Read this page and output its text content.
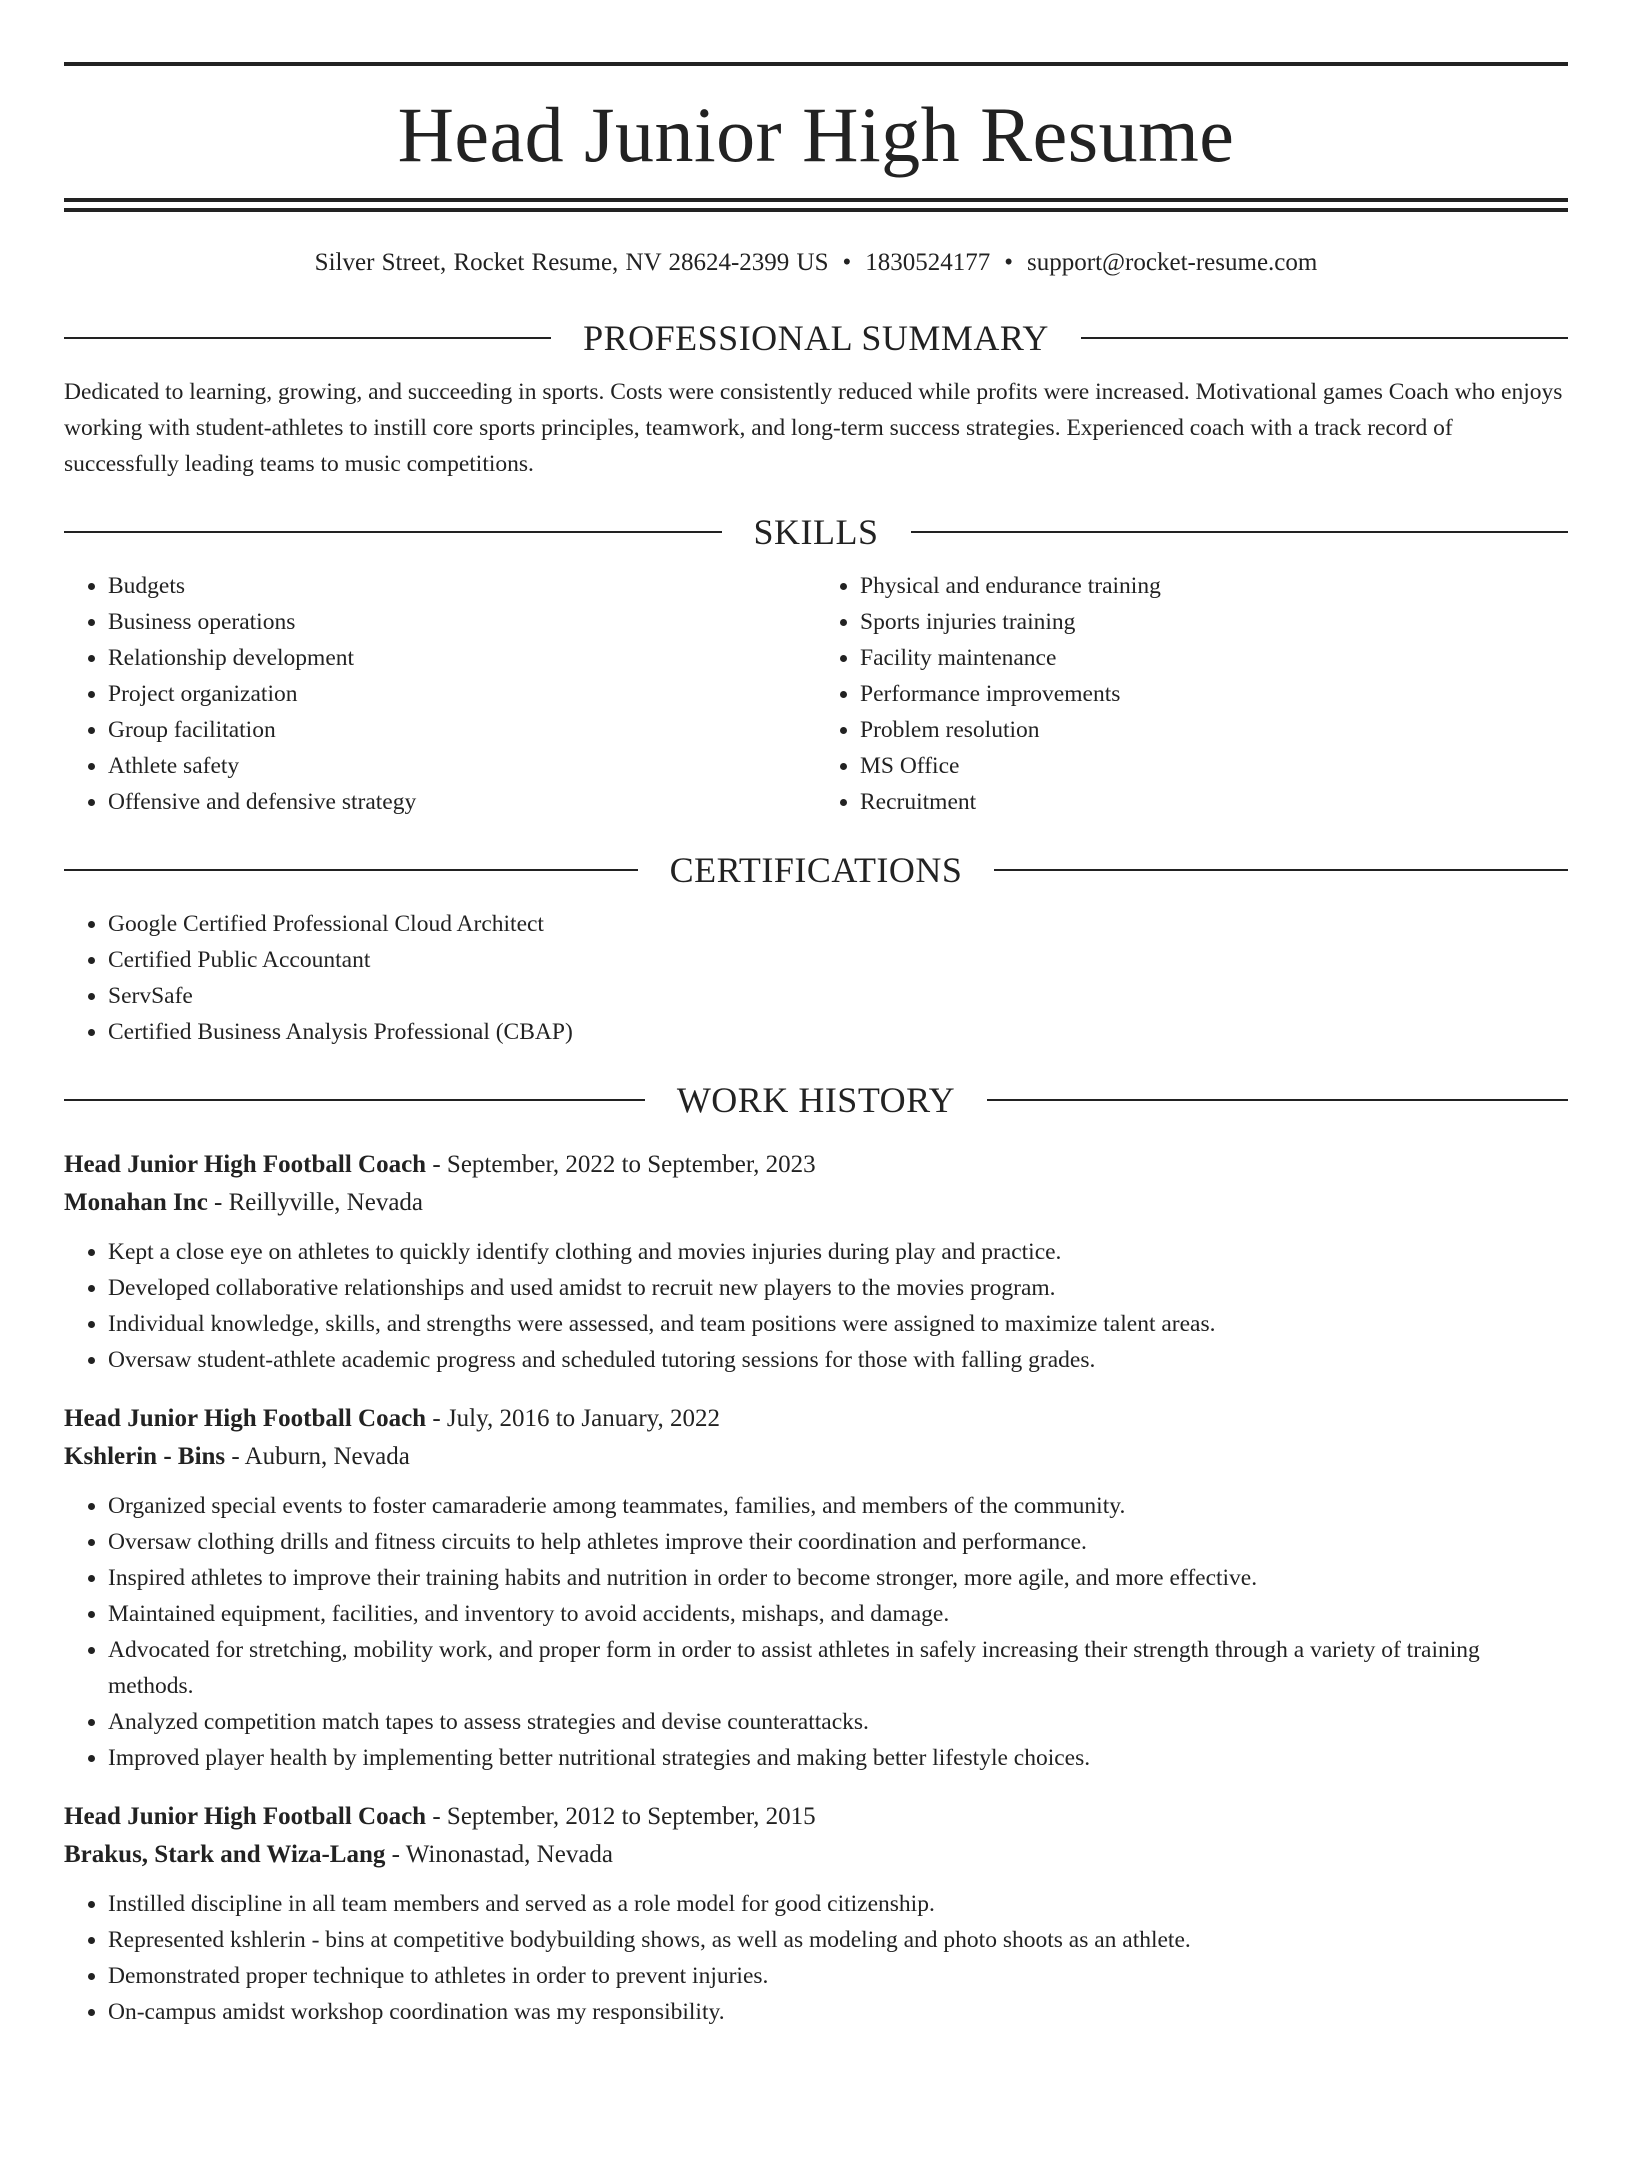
Head Junior High Resume
Silver Street, Rocket Resume, NV 28624-2399 US • 1830524177 • support@rocket-resume.com
PROFESSIONAL SUMMARY

Dedicated to learning, growing, and succeeding in sports. Costs were consistently reduced while profits were increased. Motivational games Coach who enjoys working with student-athletes to instill core sports principles, teamwork, and long-term success strategies. Experienced coach with a track record of successfully leading teams to music competitions.

SKILLS
• Budgets
• Business operations
• Relationship development
• Project organization
• Group facilitation
• Athlete safety
• Offensive and defensive strategy
• Physical and endurance training
• Sports injuries training
• Facility maintenance
• Performance improvements
• Problem resolution
• MS Office
• Recruitment
CERTIFICATIONS
• Google Certified Professional Cloud Architect
• Certified Public Accountant
• ServSafe
• Certified Business Analysis Professional (CBAP)
WORK HISTORY
Head Junior High Football Coach - September, 2022 to September, 2023
Monahan Inc - Reillyville, Nevada
• Kept a close eye on athletes to quickly identify clothing and movies injuries during play and practice.
• Developed collaborative relationships and used amidst to recruit new players to the movies program.
• Individual knowledge, skills, and strengths were assessed, and team positions were assigned to maximize talent areas.
• Oversaw student-athlete academic progress and scheduled tutoring sessions for those with falling grades.
Head Junior High Football Coach - July, 2016 to January, 2022
Kshlerin - Bins - Auburn, Nevada
• Organized special events to foster camaraderie among teammates, families, and members of the community.
• Oversaw clothing drills and fitness circuits to help athletes improve their coordination and performance.
• Inspired athletes to improve their training habits and nutrition in order to become stronger, more agile, and more effective.
• Maintained equipment, facilities, and inventory to avoid accidents, mishaps, and damage.
• Advocated for stretching, mobility work, and proper form in order to assist athletes in safely increasing their strength through a variety of training methods.
• Analyzed competition match tapes to assess strategies and devise counterattacks.
• Improved player health by implementing better nutritional strategies and making better lifestyle choices.
Head Junior High Football Coach - September, 2012 to September, 2015
Brakus, Stark and Wiza-Lang - Winonastad, Nevada
• Instilled discipline in all team members and served as a role model for good citizenship.
• Represented kshlerin - bins at competitive bodybuilding shows, as well as modeling and photo shoots as an athlete.
• Demonstrated proper technique to athletes in order to prevent injuries.
• On-campus amidst workshop coordination was my responsibility.
